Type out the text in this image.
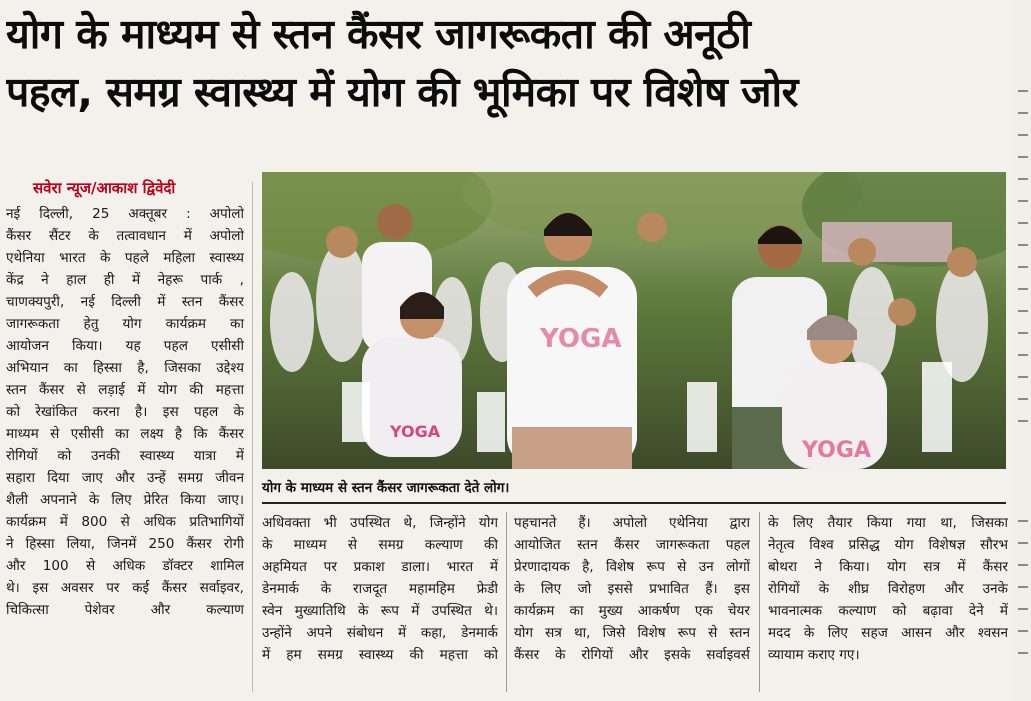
योग के माध्यम से स्तन कैंसर जागरूकता की अनूठी
पहल, समग्र स्वास्थ्य में योग की भूमिका पर विशेष जोर
सवेरा न्यूज/आकाश द्विवेदी
YOGA
YOGA
YOGA
योग के माध्यम से स्तन कैंसर जागरूकता देते लोग।
नई दिल्ली, 25 अक्तूबर : अपोलो
कैंसर सैंटर के तत्वावधान में अपोलो
एथेनिया भारत के पहले महिला स्वास्थ्य
केंद्र ने हाल ही में नेहरू पार्क ,
चाणक्यपुरी, नई दिल्ली में स्तन कैंसर
जागरूकता हेतु योग कार्यक्रम का
आयोजन किया। यह पहल एसीसी
अभियान का हिस्सा है, जिसका उद्देश्य
स्तन कैंसर से लड़ाई में योग की महत्ता
को रेखांकित करना है। इस पहल के
माध्यम से एसीसी का लक्ष्य है कि कैंसर
रोगियों को उनकी स्वास्थ्य यात्रा में
सहारा दिया जाए और उन्हें समग्र जीवन
शैली अपनाने के लिए प्रेरित किया जाए।
कार्यक्रम में 800 से अधिक प्रतिभागियों
ने हिस्सा लिया, जिनमें 250 कैंसर रोगी
और 100 से अधिक डॉक्टर शामिल
थे। इस अवसर पर कई कैंसर सर्वाइवर,
चिकित्सा पेशेवर और कल्याण
अधिवक्ता भी उपस्थित थे, जिन्होंने योग
के माध्यम से समग्र कल्याण की
अहमियत पर प्रकाश डाला। भारत में
डेनमार्क के राजदूत महामहिम फ्रेडी
स्वेन मुख्यातिथि के रूप में उपस्थित थे।
उन्होंने अपने संबोधन में कहा, डेनमार्क
में हम समग्र स्वास्थ्य की महत्ता को
पहचानते हैं। अपोलो एथेनिया द्वारा
आयोजित स्तन कैंसर जागरूकता पहल
प्रेरणादायक है, विशेष रूप से उन लोगों
के लिए जो इससे प्रभावित हैं। इस
कार्यक्रम का मुख्य आकर्षण एक चेयर
योग सत्र था, जिसे विशेष रूप से स्तन
कैंसर के रोगियों और इसके सर्वाइवर्स
के लिए तैयार किया गया था, जिसका
नेतृत्व विश्व प्रसिद्ध योग विशेषज्ञ सौरभ
बोथरा ने किया। योग सत्र में कैंसर
रोगियों के शीघ्र विरोहण और उनके
भावनात्मक कल्याण को बढ़ावा देने में
मदद के लिए सहज आसन और श्वसन
व्यायाम कराए गए।
